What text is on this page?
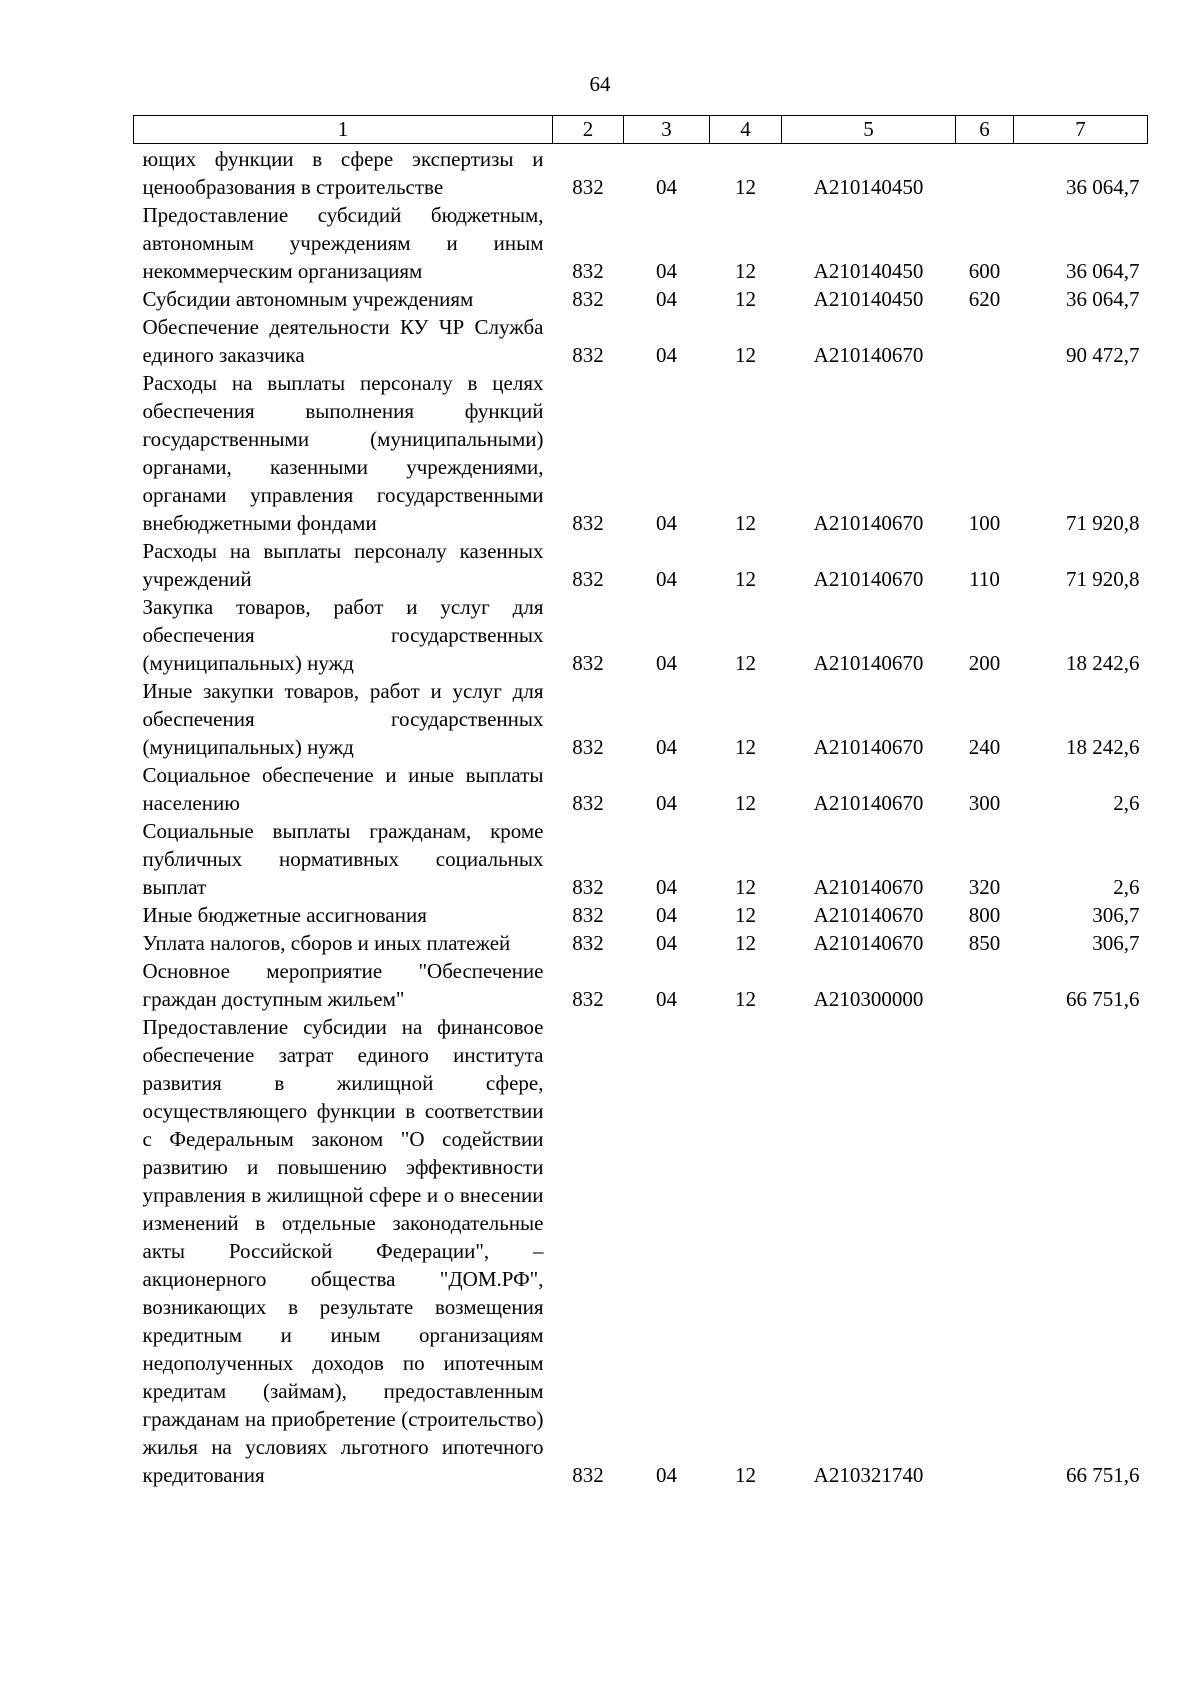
64
1	2	3	4	5	6	7
ющих функции в сфере экспертизы и ценообразования в строительстве	832	04	12	А210140450		36 064,7
Предоставление субсидий бюджетным, автономным учреждениям и иным некоммерческим организациям	832	04	12	А210140450	600	36 064,7
Субсидии автономным учреждениям	832	04	12	А210140450	620	36 064,7
Обеспечение деятельности КУ ЧР Служба единого заказчика	832	04	12	А210140670		90 472,7
Расходы на выплаты персоналу в целях обеспечения выполнения функций государственными (муниципальными) органами, казенными учреждениями, органами управления государственными внебюджетными фондами	832	04	12	А210140670	100	71 920,8
Расходы на выплаты персоналу казенных учреждений	832	04	12	А210140670	110	71 920,8
Закупка товаров, работ и услуг для обеспечения государственных (муниципальных) нужд	832	04	12	А210140670	200	18 242,6
Иные закупки товаров, работ и услуг для обеспечения государственных (муниципальных) нужд	832	04	12	А210140670	240	18 242,6
Социальное обеспечение и иные выплаты населению	832	04	12	А210140670	300	2,6
Социальные выплаты гражданам, кроме публичных нормативных социальных выплат	832	04	12	А210140670	320	2,6
Иные бюджетные ассигнования	832	04	12	А210140670	800	306,7
Уплата налогов, сборов и иных платежей	832	04	12	А210140670	850	306,7
Основное мероприятие "Обеспечение граждан доступным жильем"	832	04	12	А210300000		66 751,6
Предоставление субсидии на финансовое обеспечение затрат единого института развития в жилищной сфере, осуществляющего функции в соответствии с Федеральным законом "О содействии развитию и повышению эффективности управления в жилищной сфере и о внесении изменений в отдельные законодательные акты Российской Федерации", – акционерного общества "ДОМ.РФ", возникающих в результате возмещения кредитным и иным организациям недополученных доходов по ипотечным кредитам (займам), предоставленным гражданам на приобретение (строительство) жилья на условиях льготного ипотечного кредитования	832	04	12	А210321740		66 751,6
